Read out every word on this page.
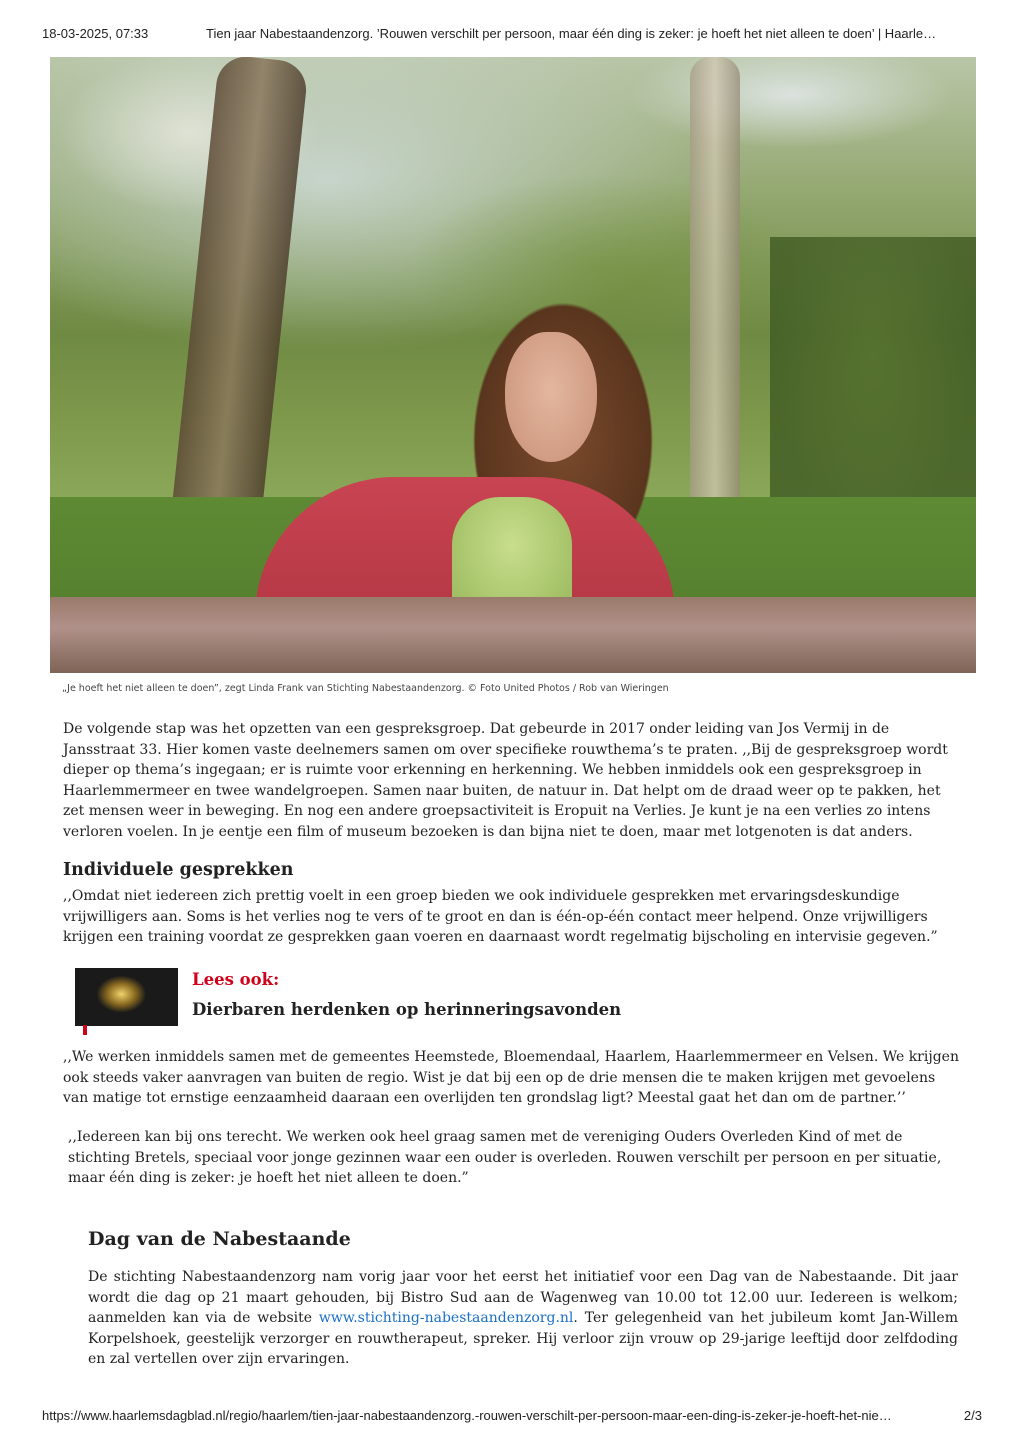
18-03-2025, 07:33	Tien jaar Nabestaandenzorg. ’Rouwen verschilt per persoon, maar één ding is zeker: je hoeft het niet alleen te doen’ | Haarle…
„Je hoeft het niet alleen te doen”, zegt Linda Frank van Stichting Nabestaandenzorg. © Foto United Photos / Rob van Wieringen

De volgende stap was het opzetten van een gespreksgroep. Dat gebeurde in 2017 onder leiding van Jos Vermij in de Jansstraat 33. Hier komen vaste deelnemers samen om over specifieke rouwthema’s te praten. ,,Bij de gespreksgroep wordt dieper op thema’s ingegaan; er is ruimte voor erkenning en herkenning. We hebben inmiddels ook een gespreksgroep in Haarlemmermeer en twee wandelgroepen. Samen naar buiten, de natuur in. Dat helpt om de draad weer op te pakken, het zet mensen weer in beweging. En nog een andere groepsactiviteit is Eropuit na Verlies. Je kunt je na een verlies zo intens verloren voelen. In je eentje een film of museum bezoeken is dan bijna niet te doen, maar met lotgenoten is dat anders.

Individuele gesprekken

,,Omdat niet iedereen zich prettig voelt in een groep bieden we ook individuele gesprekken met ervaringsdeskundige vrijwilligers aan. Soms is het verlies nog te vers of te groot en dan is één-op-één contact meer helpend. Onze vrijwilligers krijgen een training voordat ze gesprekken gaan voeren en daarnaast wordt regelmatig bijscholing en intervisie gegeven.”

Lees ook:
Dierbaren herdenken op herinneringsavonden

,,We werken inmiddels samen met de gemeentes Heemstede, Bloemendaal, Haarlem, Haarlemmermeer en Velsen. We krijgen ook steeds vaker aanvragen van buiten de regio. Wist je dat bij een op de drie mensen die te maken krijgen met gevoelens van matige tot ernstige eenzaamheid daaraan een overlijden ten grondslag ligt? Meestal gaat het dan om de partner.’’

,,Iedereen kan bij ons terecht. We werken ook heel graag samen met de vereniging Ouders Overleden Kind of met de stichting Bretels, speciaal voor jonge gezinnen waar een ouder is overleden. Rouwen verschilt per persoon en per situatie, maar één ding is zeker: je hoeft het niet alleen te doen.”

Dag van de Nabestaande

De stichting Nabestaandenzorg nam vorig jaar voor het eerst het initiatief voor een Dag van de Nabestaande. Dit jaar wordt die dag op 21 maart gehouden, bij Bistro Sud aan de Wagenweg van 10.00 tot 12.00 uur. Iedereen is welkom; aanmelden kan via de website www.stichting-nabestaandenzorg.nl. Ter gelegenheid van het jubileum komt Jan-Willem Korpelshoek, geestelijk verzorger en rouwtherapeut, spreker. Hij verloor zijn vrouw op 29-jarige leeftijd door zelfdoding en zal vertellen over zijn ervaringen.

https://www.haarlemsdagblad.nl/regio/haarlem/tien-jaar-nabestaandenzorg.-rouwen-verschilt-per-persoon-maar-een-ding-is-zeker-je-hoeft-het-nie…	2/3
